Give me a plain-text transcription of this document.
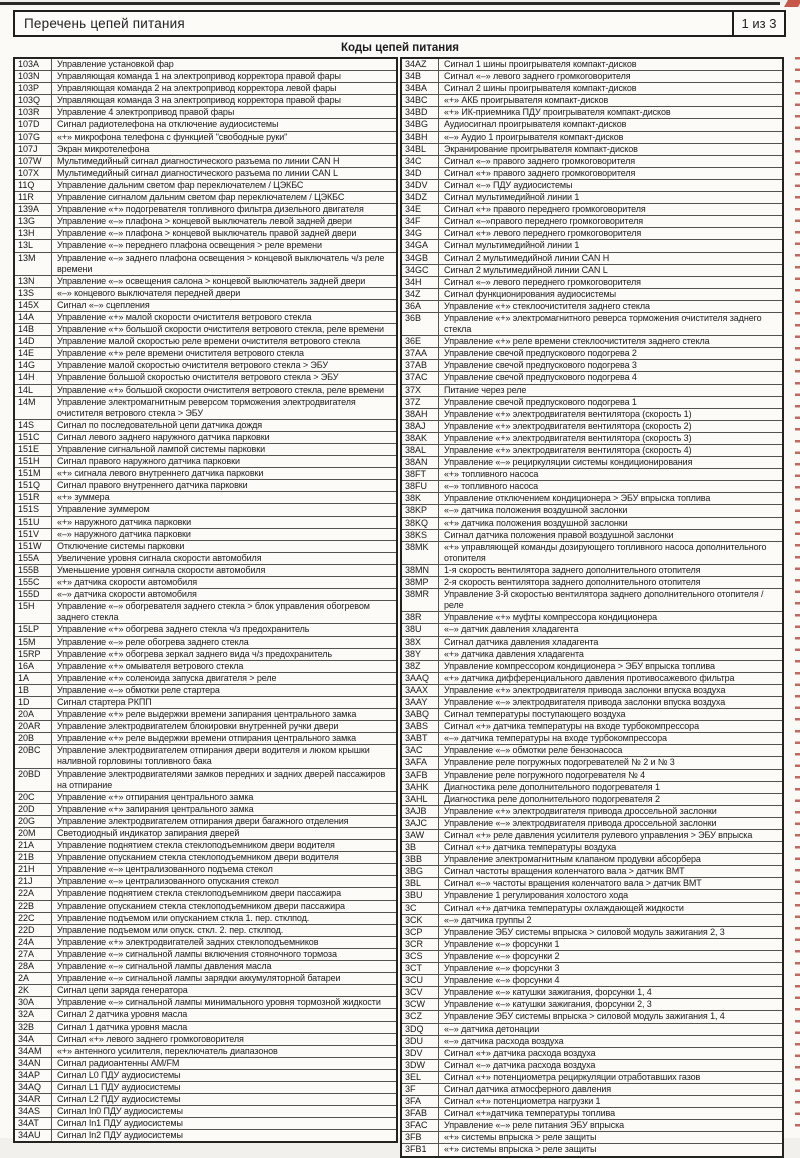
Перечень цепей питания	1 из 3
Коды цепей питания
103A	Управление установкой фар
103N	Управляющая команда 1 на электропривод корректора правой фары
103P	Управляющая команда 2 на электропривод корректора левой фары
103Q	Управляющая команда 3 на электропривод корректора правой фары
103R	Управление 4 электропривод правой фары
107D	Сигнал радиотелефона на отключение аудиосистемы
107G	«+» микрофона телефона с функцией "свободные руки"
107J	Экран микротелефона
107W	Мультимедийный сигнал диагностического разъема по линии CAN H
107X	Мультимедийный сигнал диагностического разъема по линии CAN L
11Q	Управление дальним светом фар переключателем / ЦЭКБС
11R	Управление сигналом дальним светом фар переключателем / ЦЭКБС
139A	Управление «+» подогревателя топливного фильтра дизельного двигателя
13G	Управление «–» плафона > концевой выключатель левой задней двери
13H	Управление «–» плафона > концевой выключатель правой задней двери
13L	Управление «–» переднего плафона освещения > реле времени
13M	Управление «–» заднего плафона освещения > концевой выключатель ч/з реле времени
13N	Управление «–» освещения салона > концевой выключатель задней двери
13S	«–» концевого выключателя передней двери
145X	Сигнал «–» сцепления
14A	Управление «+» малой скорости очистителя ветрового стекла
14B	Управление «+» большой скорости очистителя ветрового стекла, реле времени
14D	Управление малой скоростью реле времени очистителя ветрового стекла
14E	Управление «+» реле времени очистителя ветрового стекла
14G	Управление малой скоростью очистителя ветрового стекла > ЭБУ
14H	Управление большой скоростью очистителя ветрового стекла > ЭБУ
14L	Управление «+» большой скорости очистителя ветрового стекла, реле времени
14M	Управление электромагнитным реверсом торможения электродвигателя очистителя ветрового стекла > ЭБУ
14S	Сигнал по последовательной цепи датчика дождя
151C	Сигнал левого заднего наружного датчика парковки
151E	Управление сигнальной лампой системы парковки
151H	Сигнал правого наружного датчика парковки
151M	«+» сигнала левого внутреннего датчика парковки
151Q	Сигнал правого внутреннего датчика парковки
151R	«+» зуммера
151S	Управление зуммером
151U	«+» наружного датчика парковки
151V	«–» наружного датчика парковки
151W	Отключение системы парковки
155A	Увеличение уровня сигнала скорости автомобиля
155B	Уменьшение уровня сигнала скорости автомобиля
155C	«+» датчика скорости автомобиля
155D	«–» датчика скорости автомобиля
15H	Управление «–» обогревателя заднего стекла > блок управления обогревом заднего стекла
15LP	Управление «+» обогрева заднего стекла ч/з предохранитель
15M	Управление «–» реле обогрева заднего стекла
15RP	Управление «+» обогрева зеркал заднего вида ч/з предохранитель
16A	Управление «+» омывателя ветрового стекла
1A	Управление «+» соленоида запуска двигателя > реле
1B	Управление «–» обмотки реле стартера
1D	Сигнал стартера РКПП
20A	Управление «+» реле выдержки времени запирания центрального замка
20AR	Управление электродвигателем блокировки внутренней ручки двери
20B	Управление «+» реле выдержки времени отпирания центрального замка
20BC	Управление электродвигателем отпирания двери водителя и люком крышки наливной горловины топливного бака
20BD	Управление электродвигателями замков передних и задних дверей пассажиров на отпирание
20C	Управление «+» отпирания центрального замка
20D	Управление «+» запирания центрального замка
20G	Управление электродвигателем отпирания двери багажного отделения
20M	Светодиодный индикатор запирания дверей
21A	Управление поднятием стекла стеклоподъемником двери водителя
21B	Управление опусканием стекла стеклоподъемником двери водителя
21H	Управление «–» централизованного подъема стекол
21J	Управление «–» централизованного опускания стекол
22A	Управление поднятием стекла стеклоподъемником двери пассажира
22B	Управление опусканием стекла стеклоподъемником двери пассажира
22C	Управление подъемом или опусканием сткла 1. пер. стклпод.
22D	Управление подъемом или опуск. сткл. 2. пер. стклпод.
24A	Управление «+» электродвигателей задних стеклоподъемников
27A	Управление «–» сигнальной лампы включения стояночного тормоза
28A	Управление «–» сигнальной лампы давления масла
2A	Управление «–» сигнальной лампы зарядки аккумуляторной батареи
2K	Сигнал цепи заряда генератора
30A	Управление «–» сигнальной лампы минимального уровня тормозной жидкости
32A	Сигнал 2 датчика уровня масла
32B	Сигнал 1 датчика уровня масла
34A	Сигнал «+» левого заднего громкоговорителя
34AM	«+» антенного усилителя, переключатель диапазонов
34AN	Сигнал радиоантенны AM/FM
34AP	Сигнал L0 ПДУ аудиосистемы
34AQ	Сигнал L1 ПДУ аудиосистемы
34AR	Сигнал L2 ПДУ аудиосистемы
34AS	Сигнал In0 ПДУ аудиосистемы
34AT	Сигнал In1 ПДУ аудиосистемы
34AU	Сигнал In2 ПДУ аудиосистемы
34AZ	Сигнал 1 шины проигрывателя компакт-дисков
34B	Сигнал «–» левого заднего громкоговорителя
34BA	Сигнал 2 шины проигрывателя компакт-дисков
34BC	«+» АКБ проигрывателя компакт-дисков
34BD	«+» ИК-приемника ПДУ проигрывателя компакт-дисков
34BG	Аудиосигнал проигрывателя компакт-дисков
34BH	«–» Аудио 1 проигрывателя компакт-дисков
34BL	Экранирование проигрывателя компакт-дисков
34C	Сигнал «–» правого заднего громкоговорителя
34D	Сигнал «+» правого заднего громкоговорителя
34DV	Сигнал «–» ПДУ аудиосистемы
34DZ	Сигнал мультимедийной линии 1
34E	Сигнал «+» правого переднего громкоговорителя
34F	Сигнал «–»правого переднего громкоговорителя
34G	Сигнал «+» левого переднего громкоговорителя
34GA	Сигнал мультимедийной линии 1
34GB	Сигнал 2 мультимедийной линии CAN H
34GC	Сигнал 2 мультимедийной линии CAN L
34H	Сигнал «–» левого переднего громкоговорителя
34Z	Сигнал функционирования аудиосистемы
36A	Управление «+» стеклоочистителя заднего стекла
36B	Управление «+» электромагнитного реверса торможения очистителя заднего стекла
36E	Управление «+» реле времени стеклоочистителя заднего стекла
37AA	Управление свечой предпускового подогрева 2
37AB	Управление свечой предпускового подогрева 3
37AC	Управление свечой предпускового подогрева 4
37X	Питание через реле
37Z	Управление свечой предпускового подогрева 1
38AH	Управление «+» электродвигателя вентилятора (скорость 1)
38AJ	Управление «+» электродвигателя вентилятора (скорость 2)
38AK	Управление «+» электродвигателя вентилятора (скорость 3)
38AL	Управление «+» электродвигателя вентилятора (скорость 4)
38AN	Управление «–» рециркуляции системы кондиционирования
38FT	«+» топливного насоса
38FU	«–» топливного насоса
38K	Управление отключением кондиционера > ЭБУ впрыска топлива
38KP	«–» датчика положения воздушной заслонки
38KQ	«+» датчика положения воздушной заслонки
38KS	Сигнал датчика положения правой воздушной заслонки
38MK	«+» управляющей команды дозирующего топливного насоса дополнительного отопителя
38MN	1-я скорость вентилятора заднего дополнительного отопителя
38MP	2-я скорость вентилятора заднего дополнительного отопителя
38MR	Управление 3-й скоростью вентилятора заднего дополнительного отопителя / реле
38R	Управление «+» муфты компрессора кондиционера
38U	«–» датчик давления хладагента
38X	Сигнал датчика давления хладагента
38Y	«+» датчика давления хладагента
38Z	Управление компрессором кондиционера > ЭБУ впрыска топлива
3AAQ	«+» датчика дифференциального давления противосажевого фильтра
3AAX	Управление «+» электродвигателя привода заслонки впуска воздуха
3AAY	Управление «–» электродвигателя привода заслонки впуска воздуха
3ABQ	Сигнал температуры поступающего воздуха
3ABS	Сигнал «+» датчика температуры на входе турбокомпрессора
3ABT	«–» датчика температуры на входе турбокомпрессора
3AC	Управление «–» обмотки реле бензонасоса
3AFA	Управление реле погружных подогревателей № 2 и № 3
3AFB	Управление реле погружного подогревателя № 4
3AHK	Диагностика реле дополнительного подогревателя 1
3AHL	Диагностика реле дополнительного подогревателя 2
3AJB	Управление «+» электродвигателя привода дроссельной заслонки
3AJC	Управление «–» электродвигателя привода дроссельной заслонки
3AW	Сигнал «+» реле давления усилителя рулевого управления > ЭБУ впрыска
3B	Сигнал «+» датчика температуры воздуха
3BB	Управление электромагнитным клапаном продувки абсорбера
3BG	Сигнал частоты вращения коленчатого вала > датчик ВМТ
3BL	Сигнал «–» частоты вращения коленчатого вала > датчик ВМТ
3BU	Управление 1 регулирования холостого хода
3C	Сигнал «+» датчика температуры охлаждающей жидкости
3CK	«–» датчика группы 2
3CP	Управление ЭБУ системы впрыска > силовой модуль зажигания 2, 3
3CR	Управление «–» форсунки 1
3CS	Управление «–» форсунки 2
3CT	Управление «–» форсунки 3
3CU	Управление «–» форсунки 4
3CV	Управление «–» катушки зажигания, форсунки 1, 4
3CW	Управление «–» катушки зажигания, форсунки 2, 3
3CZ	Управление ЭБУ системы впрыска > силовой модуль зажигания 1, 4
3DQ	«–» датчика детонации
3DU	«–» датчика расхода воздуха
3DV	Сигнал «+» датчика расхода воздуха
3DW	Сигнал «–» датчика расхода воздуха
3EL	Сигнал «+» потенциометра рециркуляции отработавших газов
3F	Сигнал датчика атмосферного давления
3FA	Сигнал «+» потенциометра нагрузки 1
3FAB	Сигнал «+»датчика температуры топлива
3FAC	Управление «–» реле питания ЭБУ впрыска
3FB	«+» системы впрыска > реле защиты
3FB1	«+» системы впрыска > реле защиты
